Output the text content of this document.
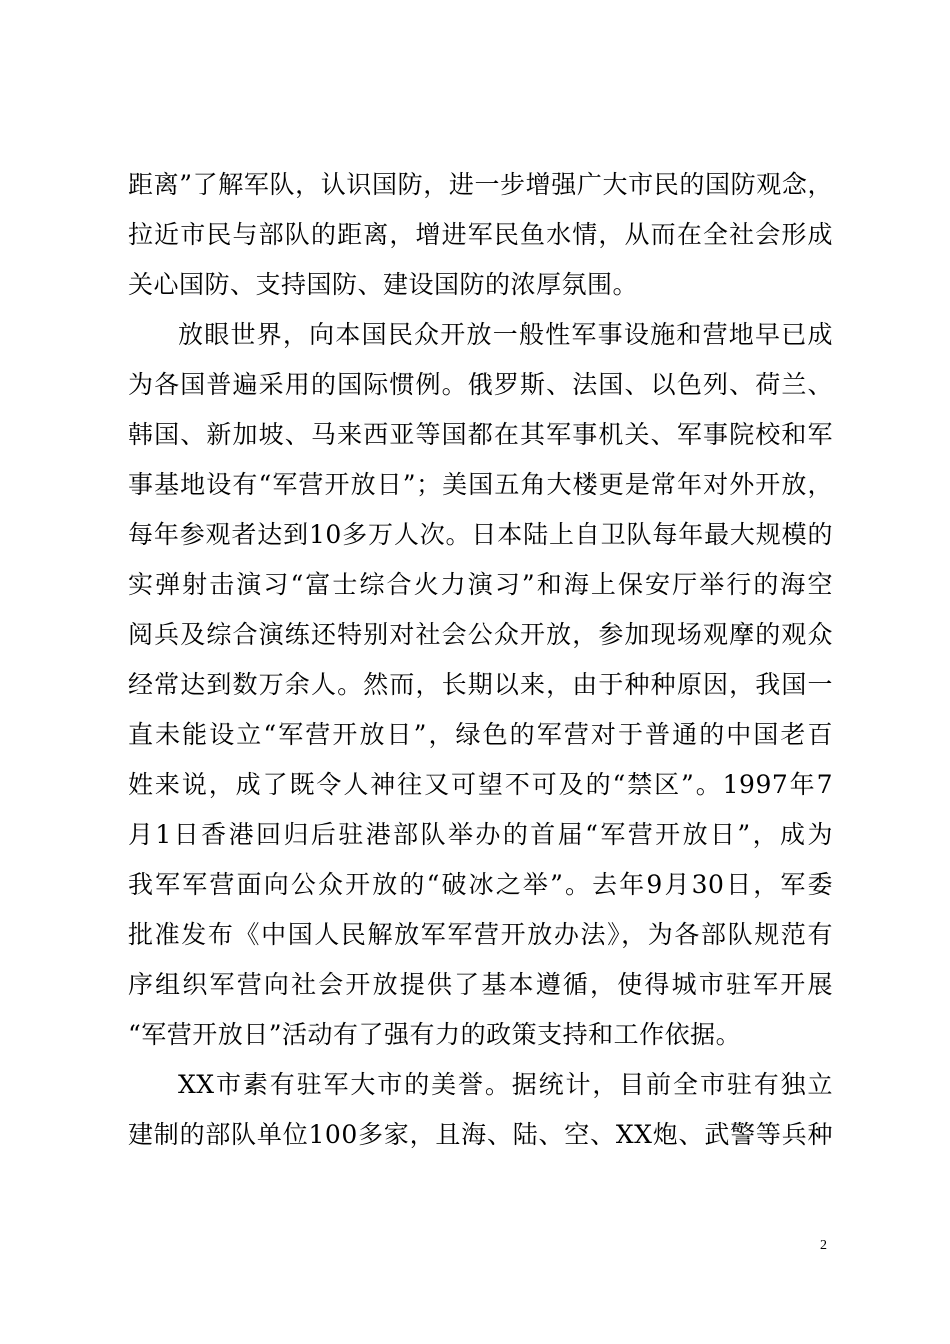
距离”了解军队，认识国防，进一步增强广大市民的国防观念，
拉近市民与部队的距离，增进军民鱼水情，从而在全社会形成
关心国防、支持国防、建设国防的浓厚氛围。
放眼世界，向本国民众开放一般性军事设施和营地早已成
为各国普遍采用的国际惯例。俄罗斯、法国、以色列、荷兰、
韩国、新加坡、马来西亚等国都在其军事机关、军事院校和军
事基地设有“军营开放日”；美国五角大楼更是常年对外开放，
每年参观者达到10多万人次。日本陆上自卫队每年最大规模的
实弹射击演习“富士综合火力演习”和海上保安厅举行的海空
阅兵及综合演练还特别对社会公众开放，参加现场观摩的观众
经常达到数万余人。然而，长期以来，由于种种原因，我国一
直未能设立“军营开放日”，绿色的军营对于普通的中国老百
姓来说，成了既令人神往又可望不可及的“禁区”。1997年7
月1日香港回归后驻港部队举办的首届“军营开放日”，成为
我军军营面向公众开放的“破冰之举”。去年9月30日，军委
批准发布《中国人民解放军军营开放办法》，为各部队规范有
序组织军营向社会开放提供了基本遵循，使得城市驻军开展
“军营开放日”活动有了强有力的政策支持和工作依据。
XX市素有驻军大市的美誉。据统计，目前全市驻有独立
建制的部队单位100多家，且海、陆、空、XX炮、武警等兵种
2
